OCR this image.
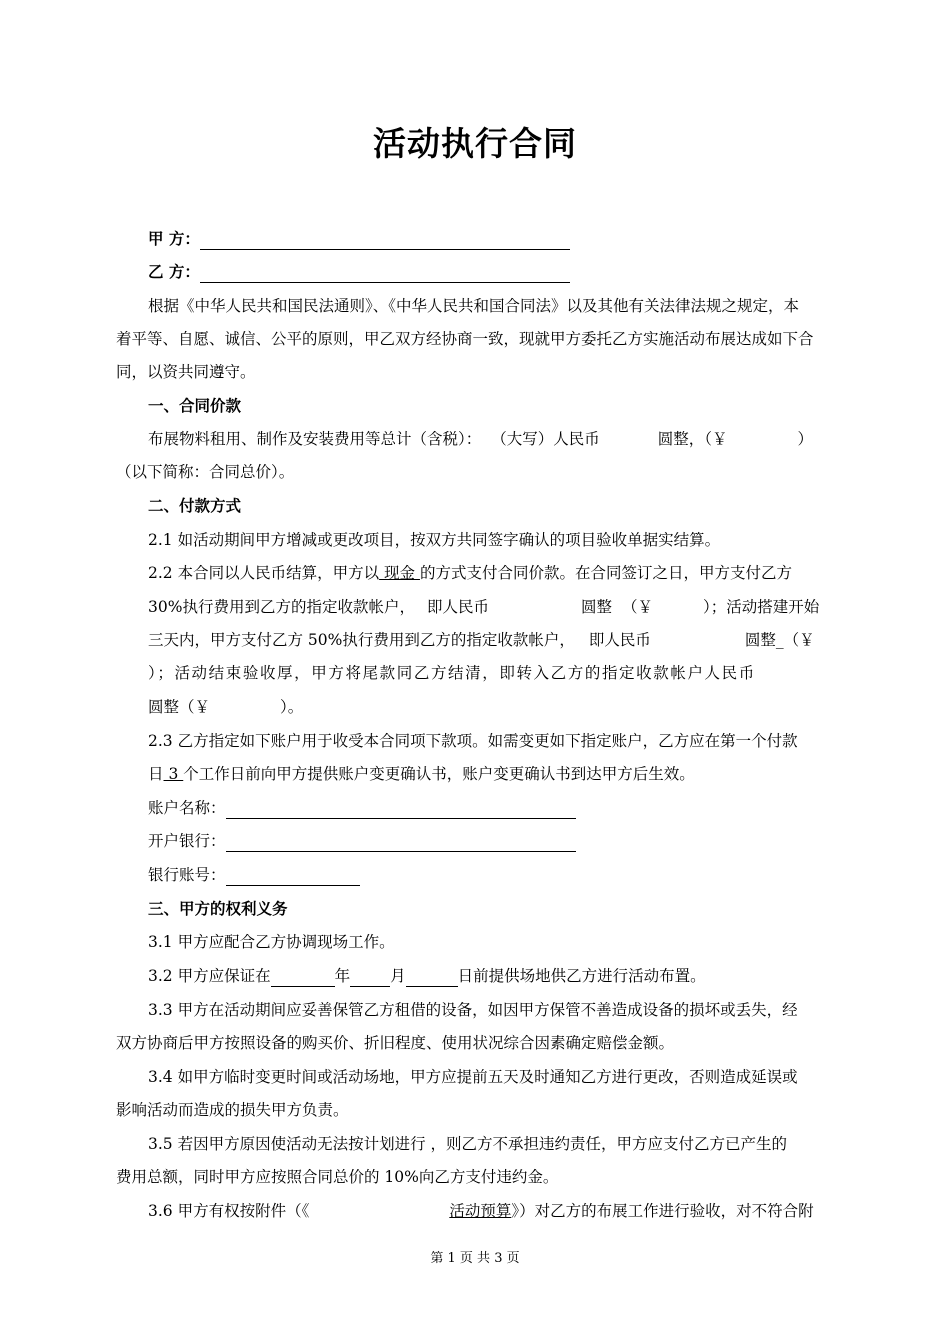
活动执行合同
甲 方：
乙 方：
根据《中华人民共和国民法通则》、《中华人民共和国合同法》以及其他有关法律法规之规定，本
着平等、自愿、诚信、公平的原则，甲乙双方经协商一致，现就甲方委托乙方实施活动布展达成如下合
同，以资共同遵守。
一、合同价款
布展物料租用、制作及安装费用等总计（含税）： （大写）人民币	圆整，（￥	）
（以下简称：合同总价）。
二、付款方式
2.1 如活动期间甲方增减或更改项目，按双方共同签字确认的项目验收单据实结算。
2.2 本合同以人民币结算，甲方以 现金 的方式支付合同价款。在合同签订之日，甲方支付乙方
30%执行费用到乙方的指定收款帐户， 即人民币	圆整 （￥	）；活动搭建开始
三天内，甲方支付乙方 50%执行费用到乙方的指定收款帐户， 即人民币	圆整_（￥
）；活动结束验收厚，甲方将尾款同乙方结清，即转入乙方的指定收款帐户人民币
圆整（￥	）。
2.3 乙方指定如下账户用于收受本合同项下款项。如需变更如下指定账户，乙方应在第一个付款
日 3 个工作日前向甲方提供账户变更确认书，账户变更确认书到达甲方后生效。
账户名称：
开户银行：
银行账号：
三、甲方的权利义务
3.1 甲方应配合乙方协调现场工作。
3.2 甲方应保证在	年	月	日前提供场地供乙方进行活动布置。
3.3 甲方在活动期间应妥善保管乙方租借的设备，如因甲方保管不善造成设备的损坏或丢失，经
双方协商后甲方按照设备的购买价、折旧程度、使用状况综合因素确定赔偿金额。
3.4 如甲方临时变更时间或活动场地，甲方应提前五天及时通知乙方进行更改，否则造成延误或
影响活动而造成的损失甲方负责。
3.5 若因甲方原因使活动无法按计划进行 ，则乙方不承担违约责任，甲方应支付乙方已产生的
费用总额，同时甲方应按照合同总价的 10%向乙方支付违约金。
3.6 甲方有权按附件（《	活动预算》）对乙方的布展工作进行验收，对不符合附
第 1 页 共 3 页
